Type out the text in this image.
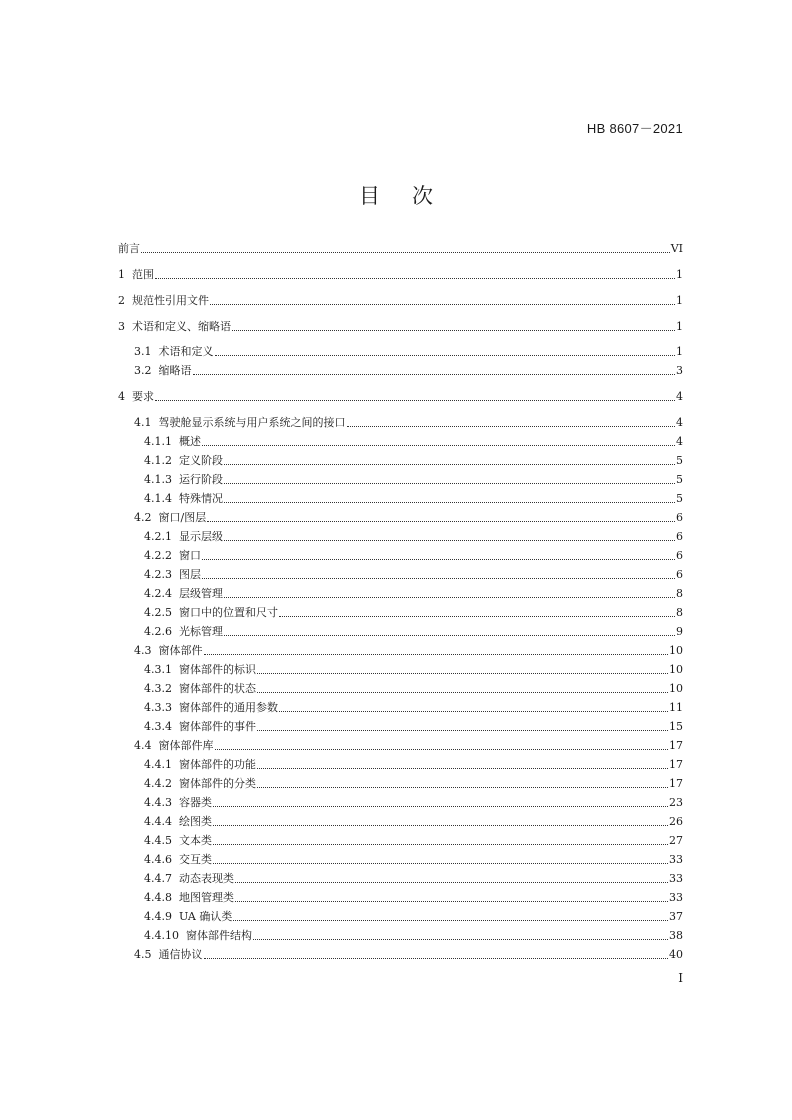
HB 8607－2021
目 次
前言	VI
1 范围	1
2 规范性引用文件	1
3 术语和定义、缩略语	1
3.1 术语和定义	1
3.2 缩略语	3
4 要求	4
4.1 驾驶舱显示系统与用户系统之间的接口	4
4.1.1 概述	4
4.1.2 定义阶段	5
4.1.3 运行阶段	5
4.1.4 特殊情况	5
4.2 窗口/图层	6
4.2.1 显示层级	6
4.2.2 窗口	6
4.2.3 图层	6
4.2.4 层级管理	8
4.2.5 窗口中的位置和尺寸	8
4.2.6 光标管理	9
4.3 窗体部件	10
4.3.1 窗体部件的标识	10
4.3.2 窗体部件的状态	10
4.3.3 窗体部件的通用参数	11
4.3.4 窗体部件的事件	15
4.4 窗体部件库	17
4.4.1 窗体部件的功能	17
4.4.2 窗体部件的分类	17
4.4.3 容器类	23
4.4.4 绘图类	26
4.4.5 文本类	27
4.4.6 交互类	33
4.4.7 动态表现类	33
4.4.8 地图管理类	33
4.4.9 UA 确认类	37
4.4.10 窗体部件结构	38
4.5 通信协议	40
I
